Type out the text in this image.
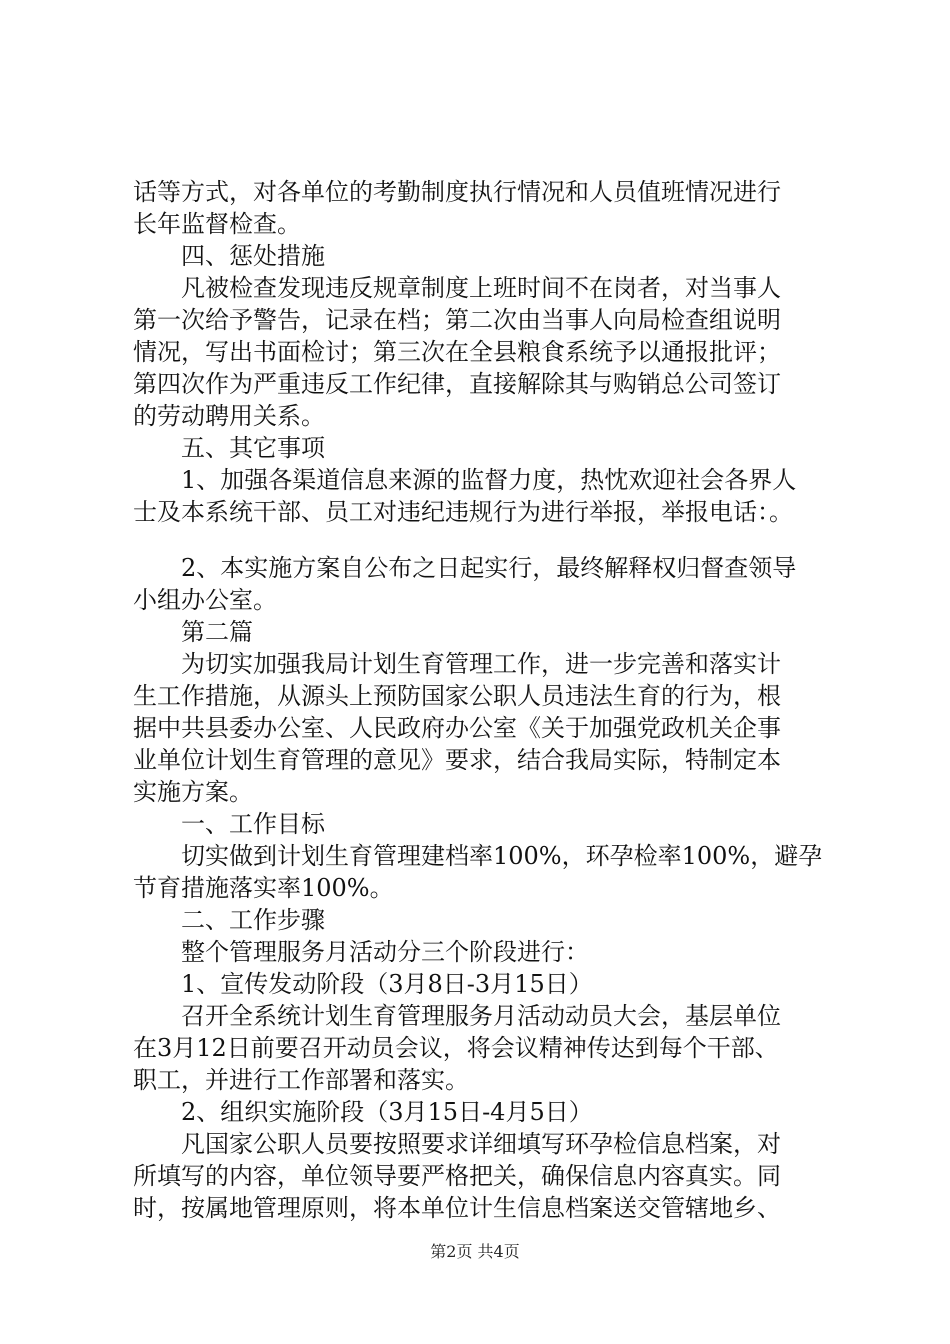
话等方式，对各单位的考勤制度执行情况和人员值班情况进行
长年监督检查。
　　四、惩处措施
　　凡被检查发现违反规章制度上班时间不在岗者，对当事人
第一次给予警告，记录在档；第二次由当事人向局检查组说明
情况，写出书面检讨；第三次在全县粮食系统予以通报批评；
第四次作为严重违反工作纪律，直接解除其与购销总公司签订
的劳动聘用关系。
　　五、其它事项
　　1、加强各渠道信息来源的监督力度，热忱欢迎社会各界人
士及本系统干部、员工对违纪违规行为进行举报，举报电话：。
　　2、本实施方案自公布之日起实行，最终解释权归督查领导
小组办公室。
　　第二篇
　　为切实加强我局计划生育管理工作，进一步完善和落实计
生工作措施，从源头上预防国家公职人员违法生育的行为，根
据中共县委办公室、人民政府办公室《关于加强党政机关企事
业单位计划生育管理的意见》要求，结合我局实际，特制定本
实施方案。
　　一、工作目标
　　切实做到计划生育管理建档率100%，环孕检率100%，避孕
节育措施落实率100%。
　　二、工作步骤
　　整个管理服务月活动分三个阶段进行：
　　1、宣传发动阶段（3月8日-3月15日）
　　召开全系统计划生育管理服务月活动动员大会，基层单位
在3月12日前要召开动员会议，将会议精神传达到每个干部、
职工，并进行工作部署和落实。
　　2、组织实施阶段（3月15日-4月5日）
　　凡国家公职人员要按照要求详细填写环孕检信息档案，对
所填写的内容，单位领导要严格把关，确保信息内容真实。同
时，按属地管理原则，将本单位计生信息档案送交管辖地乡、
第2页 共4页
